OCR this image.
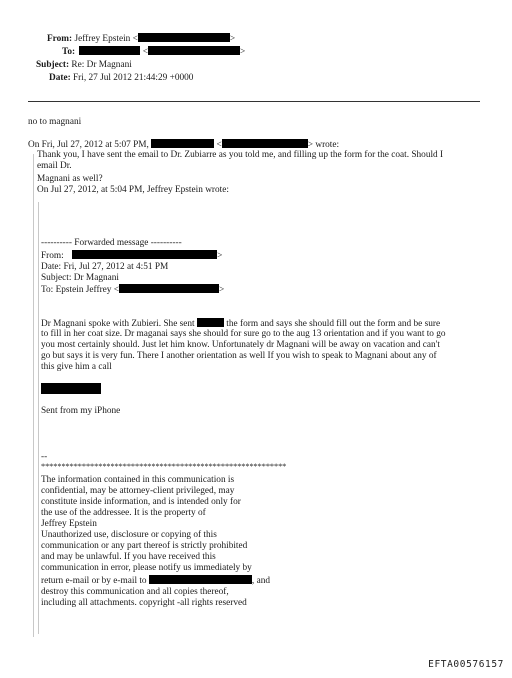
From: Jeffrey Epstein <	>
To:	<	>
Subject: Re: Dr Magnani
Date: Fri, 27 Jul 2012 21:44:29 +0000
no to magnani
On Fri, Jul 27, 2012 at 5:07 PM,	<	> wrote:
Thank you, I have sent the email to Dr. Zubiarre as you told me, and filling up the form for the coat. Should I
email Dr.
Magnani as well?
On Jul 27, 2012, at 5:04 PM, Jeffrey Epstein wrote:
---------- Forwarded message ----------
From:	>
Date: Fri, Jul 27, 2012 at 4:51 PM
Subject: Dr Magnani
To: Epstein Jeffrey <	>
Dr Magnani spoke with Zubieri. She sent	the form and says she should fill out the form and be sure
to fill in her coat size. Dr maganai says she should for sure go to the aug 13 orientation and if you want to go
you most certainly should. Just let him know. Unfortunately dr Magnani will be away on vacation and can't
go but says it is very fun. There I another orientation as well If you wish to speak to Magnani about any of
this give him a call
Sent from my iPhone
--
************************************************************
The information contained in this communication is
confidential, may be attorney-client privileged, may
constitute inside information, and is intended only for
the use of the addressee. It is the property of
Jeffrey Epstein
Unauthorized use, disclosure or copying of this
communication or any part thereof is strictly prohibited
and may be unlawful. If you have received this
communication in error, please notify us immediately by
return e-mail or by e-mail to	, and
destroy this communication and all copies thereof,
including all attachments. copyright -all rights reserved
EFTA00576157
